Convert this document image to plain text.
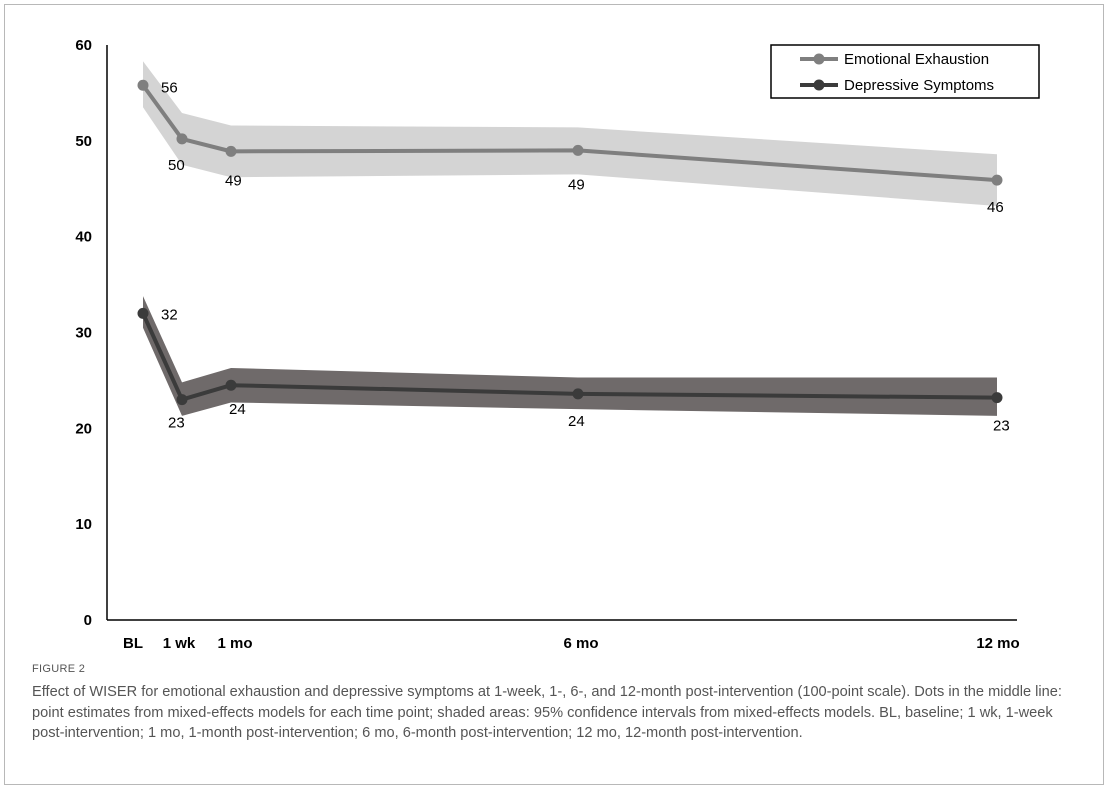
56
50
49	49
46
32
23
24
24	23
0
10
20
30
40
50
60
BL 1 wk 1 mo	6 mo	12 mo
Emotional Exhaustion
Depressive Symptoms
FIGURE 2

Effect of WISER for emotional exhaustion and depressive symptoms at 1-week, 1-, 6-, and 12-month post-intervention (100-point scale). Dots in the middle line: point estimates from mixed-effects models for each time point; shaded areas: 95% confidence intervals from mixed-effects models. BL, baseline; 1 wk, 1-week post-intervention; 1 mo, 1-month post-intervention; 6 mo, 6-month post-intervention; 12 mo, 12-month post-intervention.
